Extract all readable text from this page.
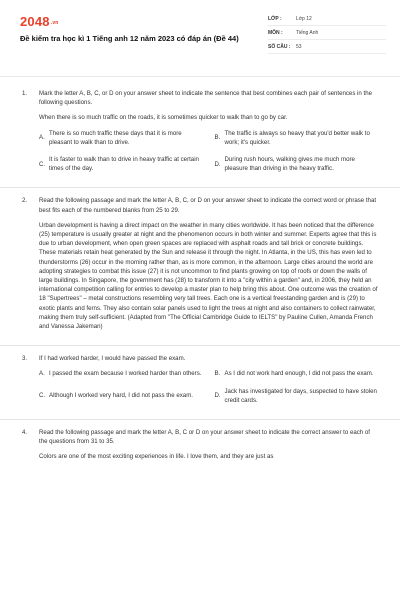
2048.vn
Đề kiểm tra học kì 1 Tiếng anh 12 năm 2023 có đáp án (Đề 44)
LỚP :	Lớp 12
MÔN :	Tiếng Anh
SỐ CÂU :	53
1.	Mark the letter A, B, C, or D on your answer sheet to indicate the sentence that best combines each pair of sentences in the following questions.

When there is so much traffic on the roads, it is sometimes quicker to walk than to go by car.

A.
There is so much traffic these days that it is more pleasant to walk than to drive.
B.
The traffic is always so heavy that you'd better walk to work; it's quicker.
C.
It is faster to walk than to drive in heavy traffic at certain times of the day.
D.
During rush hours, walking gives me much more pleasure than driving in the heavy traffic.
2.	Read the following passage and mark the letter A, B, C, or D on your answer sheet to indicate the correct word or phrase that best fits each of the numbered blanks from 25 to 29.

Urban development is having a direct impact on the weather in many cities worldwide. It has been noticed that the difference (25) temperature is usually greater at night and the phenomenon occurs in both winter and summer. Experts agree that this is due to urban development, when open green spaces are replaced with asphalt roads and tall brick or concrete buildings. These materials retain heat generated by the Sun and release it through the night. In Atlanta, in the US, this has even led to thunderstorms (26) occur in the morning rather than, as is more common, in the afternoon. Large cities around the world are adopting strategies to combat this issue (27) it is not uncommon to find plants growing on top of roofs or down the walls of large buildings. In Singapore, the government has (28) to transform it into a "city within a garden" and, in 2006, they held an international competition calling for entries to develop a master plan to help bring this about. One outcome was the creation of 18 "Supertrees" – metal constructions resembling very tall trees. Each one is a vertical freestanding garden and is (29) to exotic plants and ferns. They also contain solar panels used to light the trees at night and also containers to collect rainwater, making them truly self-sufficient. (Adapted from "The Official Cambridge Guide to IELTS" by Pauline Cullen, Amanda French and Vanessa Jakeman)

3.	If I had worked harder, I would have passed the exam.

A. I passed the exam because I worked harder than others. B. As I did not work hard enough, I did not pass the exam.
C. Although I worked very hard, I did not pass the exam.	D.
Jack has investigated for days, suspected to have stolen credit cards.
4.	Read the following passage and mark the letter A, B, C or D on your answer sheet to indicate the correct answer to each of the questions from 31 to 35.

Colors are one of the most exciting experiences in life. I love them, and they are just as
